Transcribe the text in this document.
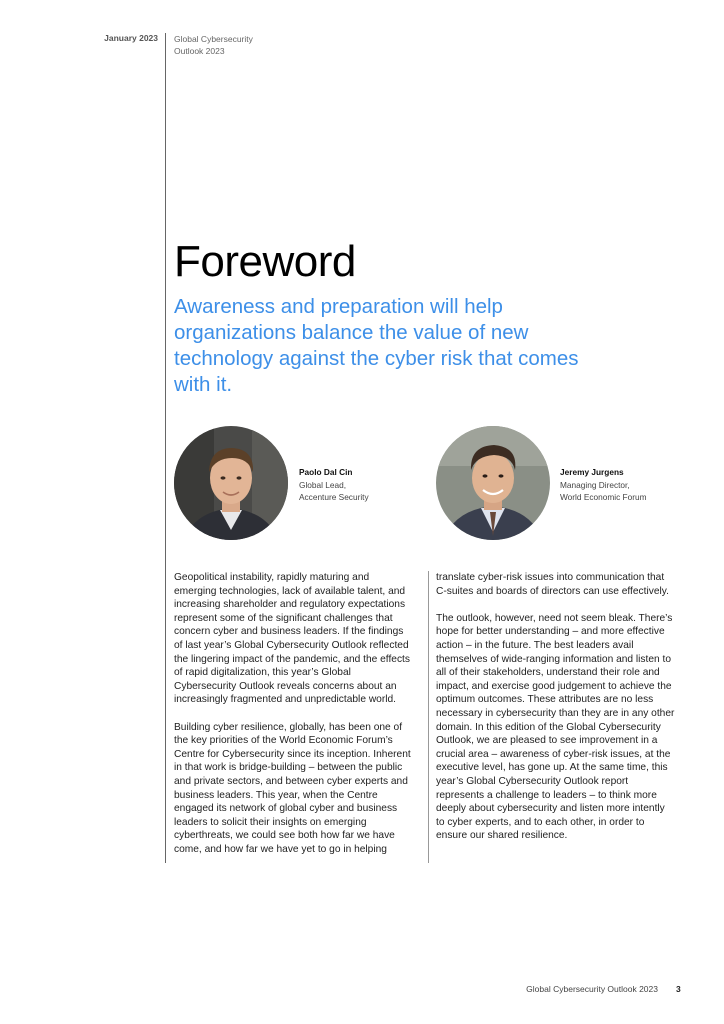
January 2023 Global Cybersecurity
Outlook 2023
Foreword
Awareness and preparation will help organizations balance the value of new technology against the cyber risk that comes with it.
Paolo Dal Cin
Global Lead,
Accenture Security
Jeremy Jurgens
Managing Director,
World Economic Forum

Geopolitical instability, rapidly maturing and emerging technologies, lack of available talent, and increasing shareholder and regulatory expectations represent some of the significant challenges that concern cyber and business leaders. If the findings of last year’s Global Cybersecurity Outlook reflected the lingering impact of the pandemic, and the effects of rapid digitalization, this year’s Global Cybersecurity Outlook reveals concerns about an increasingly fragmented and unpredictable world.

Building cyber resilience, globally, has been one of the key priorities of the World Economic Forum’s Centre for Cybersecurity since its inception. Inherent in that work is bridge-building – between the public and private sectors, and between cyber experts and business leaders. This year, when the Centre engaged its network of global cyber and business leaders to solicit their insights on emerging cyberthreats, we could see both how far we have come, and how far we have yet to go in helping

translate cyber-risk issues into communication that C-suites and boards of directors can use effectively.

The outlook, however, need not seem bleak. There’s hope for better understanding – and more effective action – in the future. The best leaders avail themselves of wide-ranging information and listen to all of their stakeholders, understand their role and impact, and exercise good judgement to achieve the optimum outcomes. These attributes are no less necessary in cybersecurity than they are in any other domain. In this edition of the Global Cybersecurity Outlook, we are pleased to see improvement in a crucial area – awareness of cyber-risk issues, at the executive level, has gone up. At the same time, this year’s Global Cybersecurity Outlook report represents a challenge to leaders – to think more deeply about cybersecurity and listen more intently to cyber experts, and to each other, in order to ensure our shared resilience.

Global Cybersecurity Outlook 2023 3
